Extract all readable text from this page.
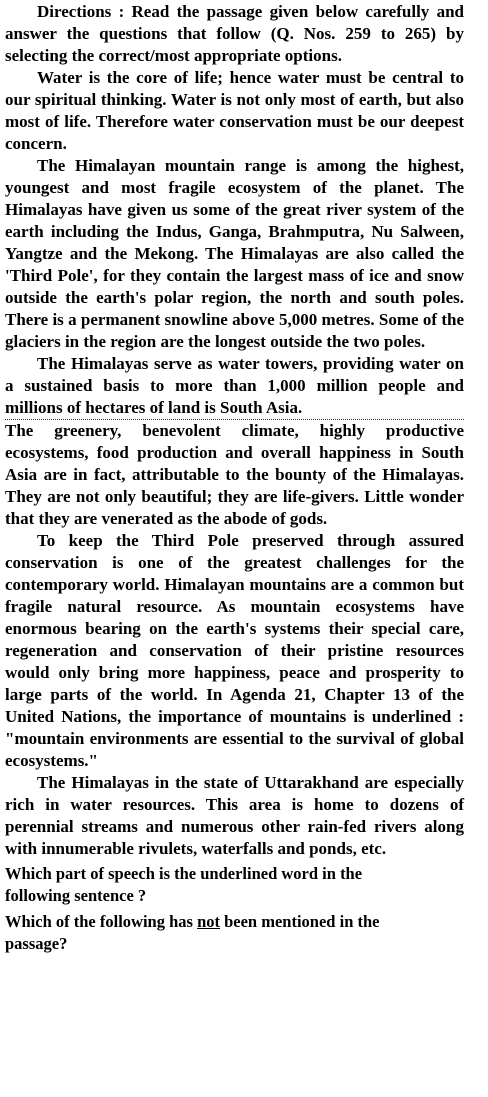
Directions : Read the passage given below carefully and answer the questions that follow (Q. Nos. 259 to 265) by selecting the correct/most appropriate options.

Water is the core of life; hence water must be central to our spiritual thinking. Water is not only most of earth, but also most of life. Therefore water conservation must be our deepest concern.

The Himalayan mountain range is among the highest, youngest and most fragile ecosystem of the planet. The Himalayas have given us some of the great river system of the earth including the Indus, Ganga, Brahmputra, Nu Salween, Yangtze and the Mekong. The Himalayas are also called the 'Third Pole', for they contain the largest mass of ice and snow outside the earth's polar region, the north and south poles. There is a permanent snowline above 5,000 metres. Some of the glaciers in the region are the longest outside the two poles.

The Himalayas serve as water towers, providing water on a sustained basis to more than 1,000 million people and millions of hectares of land is South Asia.

The greenery, benevolent climate, highly productive ecosystems, food production and overall happiness in South Asia are in fact, attributable to the bounty of the Himalayas. They are not only beautiful; they are life-givers. Little wonder that they are venerated as the abode of gods.

To keep the Third Pole preserved through assured conservation is one of the greatest challenges for the contemporary world. Himalayan mountains are a common but fragile natural resource. As mountain ecosystems have enormous bearing on the earth's systems their special care, regeneration and conservation of their pristine resources would only bring more happiness, peace and prosperity to large parts of the world. In Agenda 21, Chapter 13 of the United Nations, the importance of mountains is underlined : "mountain environments are essential to the survival of global ecosystems."

The Himalayas in the state of Uttarakhand are especially rich in water resources. This area is home to dozens of perennial streams and numerous other rain-fed rivers along with innumerable rivulets, waterfalls and ponds, etc.

Which part of speech is the underlined word in the following sentence ?

Which of the following has not been mentioned in the passage?
